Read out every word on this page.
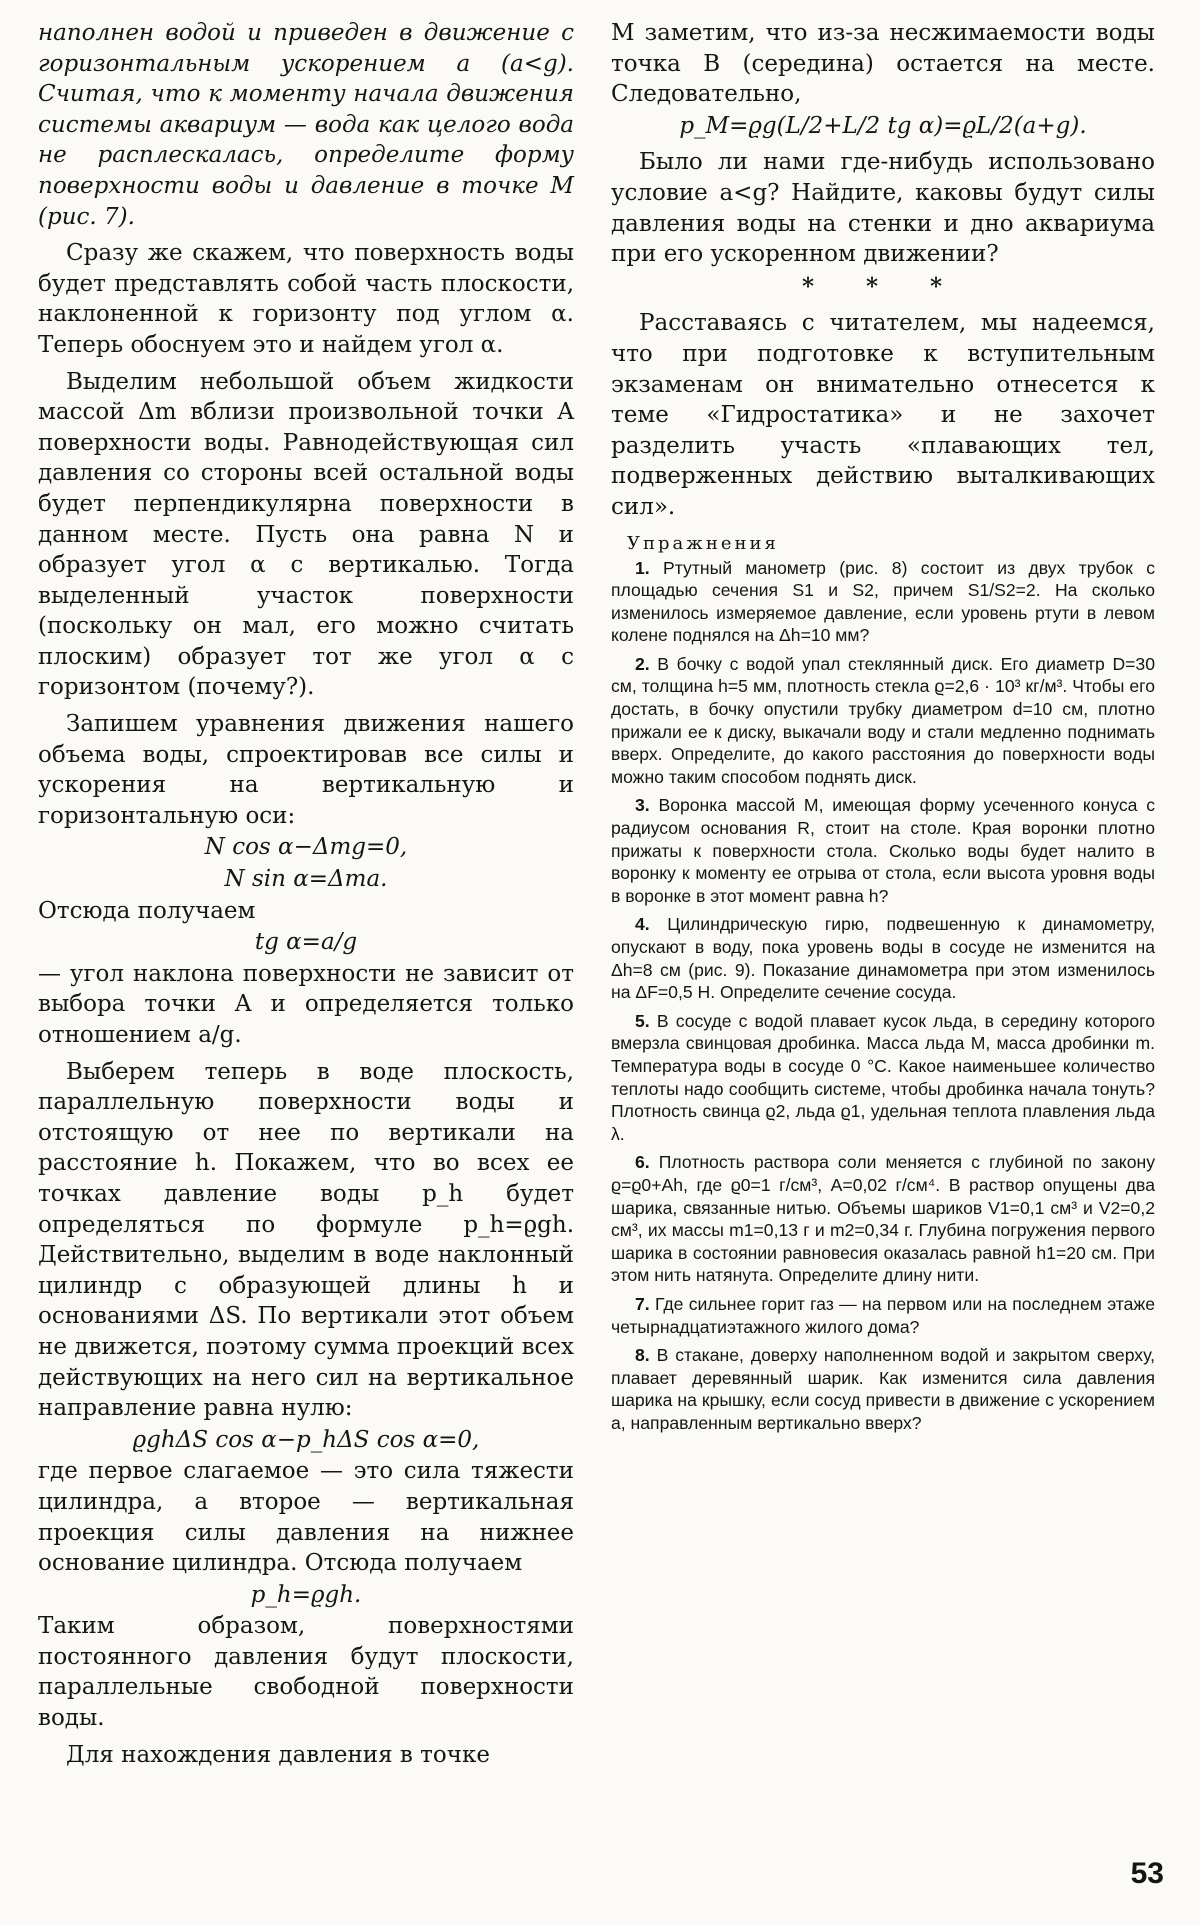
наполнен водой и приведен в движение с горизонтальным ускорением a (a<g). Считая, что к моменту начала движения системы аквариум — вода как целого вода не расплескалась, определите форму поверхности воды и давление в точке M (рис. 7).

Сразу же скажем, что поверхность воды будет представлять собой часть плоскости, наклоненной к горизонту под углом α. Теперь обоснуем это и найдем угол α.

Выделим небольшой объем жидкости массой Δm вблизи произвольной точки A поверхности воды. Равнодействующая сил давления со стороны всей остальной воды будет перпендикулярна поверхности в данном месте. Пусть она равна N и образует угол α с вертикалью. Тогда выделенный участок поверхности (поскольку он мал, его можно считать плоским) образует тот же угол α с горизонтом (почему?).

Запишем уравнения движения нашего объема воды, спроектировав все силы и ускорения на вертикальную и горизонтальную оси:

N cos α−Δmg=0,
N sin α=Δma.

Отсюда получаем

tg α=a/g

— угол наклона поверхности не зависит от выбора точки A и определяется только отношением a/g.

Выберем теперь в воде плоскость, параллельную поверхности воды и отстоящую от нее по вертикали на расстояние h. Покажем, что во всех ее точках давление воды p_h будет определяться по формуле p_h=ϱgh. Действительно, выделим в воде наклонный цилиндр с образующей длины h и основаниями ΔS. По вертикали этот объем не движется, поэтому сумма проекций всех действующих на него сил на вертикальное направление равна нулю:

ϱghΔS cos α−p_hΔS cos α=0,

где первое слагаемое — это сила тяжести цилиндра, а второе — вертикальная проекция силы давления на нижнее основание цилиндра. Отсюда получаем

p_h=ϱgh.

Таким образом, поверхностями постоянного давления будут плоскости, параллельные свободной поверхности воды.

Для нахождения давления в точке

M заметим, что из-за несжимаемости воды точка B (середина) остается на месте. Следовательно,

p_M=ϱg(L/2+L/2 tg α)=ϱL/2(a+g).

Было ли нами где-нибудь использовано условие a<g? Найдите, каковы будут силы давления воды на стенки и дно аквариума при его ускоренном движении?

* * *

Расставаясь с читателем, мы надеемся, что при подготовке к вступительным экзаменам он внимательно отнесется к теме «Гидростатика» и не захочет разделить участь «плавающих тел, подверженных действию выталкивающих сил».

Упражнения

1. Ртутный манометр (рис. 8) состоит из двух трубок с площадью сечения S1 и S2, причем S1/S2=2. На сколько изменилось измеряемое давление, если уровень ртути в левом колене поднялся на Δh=10 мм?

2. В бочку с водой упал стеклянный диск. Его диаметр D=30 см, толщина h=5 мм, плотность стекла ϱ=2,6 · 10³ кг/м³. Чтобы его достать, в бочку опустили трубку диаметром d=10 см, плотно прижали ее к диску, выкачали воду и стали медленно поднимать вверх. Определите, до какого расстояния до поверхности воды можно таким способом поднять диск.

3. Воронка массой M, имеющая форму усеченного конуса с радиусом основания R, стоит на столе. Края воронки плотно прижаты к поверхности стола. Сколько воды будет налито в воронку к моменту ее отрыва от стола, если высота уровня воды в воронке в этот момент равна h?

4. Цилиндрическую гирю, подвешенную к динамометру, опускают в воду, пока уровень воды в сосуде не изменится на Δh=8 см (рис. 9). Показание динамометра при этом изменилось на ΔF=0,5 Н. Определите сечение сосуда.

5. В сосуде с водой плавает кусок льда, в середину которого вмерзла свинцовая дробинка. Масса льда M, масса дробинки m. Температура воды в сосуде 0 °С. Какое наименьшее количество теплоты надо сообщить системе, чтобы дробинка начала тонуть? Плотность свинца ϱ2, льда ϱ1, удельная теплота плавления льда λ.

6. Плотность раствора соли меняется с глубиной по закону ϱ=ϱ0+Ah, где ϱ0=1 г/см³, A=0,02 г/см⁴. В раствор опущены два шарика, связанные нитью. Объемы шариков V1=0,1 см³ и V2=0,2 см³, их массы m1=0,13 г и m2=0,34 г. Глубина погружения первого шарика в состоянии равновесия оказалась равной h1=20 см. При этом нить натянута. Определите длину нити.

7. Где сильнее горит газ — на первом или на последнем этаже четырнадцатиэтажного жилого дома?

8. В стакане, доверху наполненном водой и закрытом сверху, плавает деревянный шарик. Как изменится сила давления шарика на крышку, если сосуд привести в движение с ускорением a, направленным вертикально вверх?

53
